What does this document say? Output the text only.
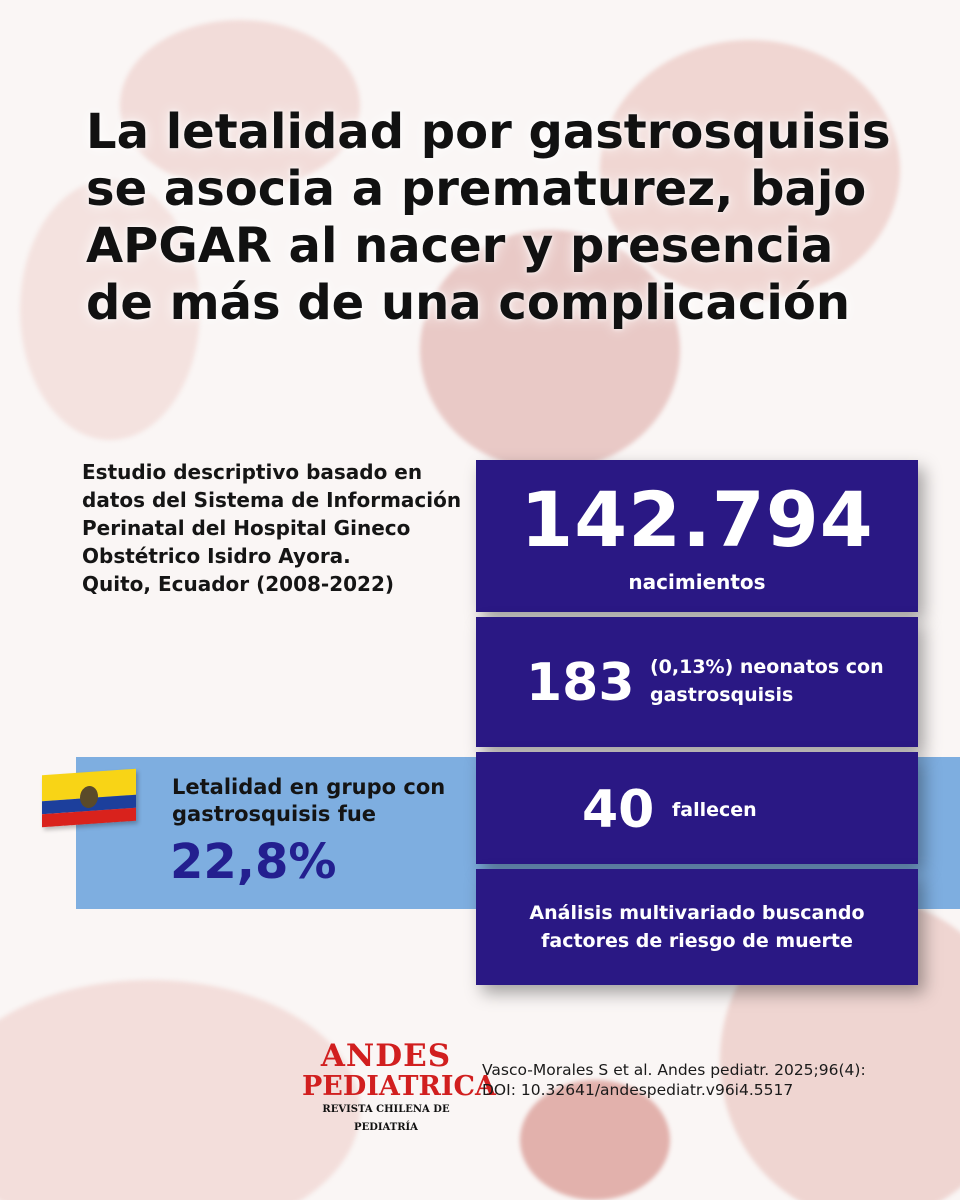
La letalidad por gastrosquisis se asocia a prematurez, bajo APGAR al nacer y presencia de más de una complicación
Estudio descriptivo basado en
datos del Sistema de Información
Perinatal del Hospital Gineco
Obstétrico Isidro Ayora.
Quito, Ecuador (2008-2022)
Letalidad en grupo con
gastrosquisis fue
22,8%
142.794
nacimientos
183 (0,13%) neonatos con
gastrosquisis
40 fallecen
Análisis multivariado buscando
factores de riesgo de muerte
ANDES
PEDIATRICA
REVISTA CHILENA DE PEDIATRÍA
Vasco-Morales S et al. Andes pediatr. 2025;96(4):
DOI: 10.32641/andespediatr.v96i4.5517
